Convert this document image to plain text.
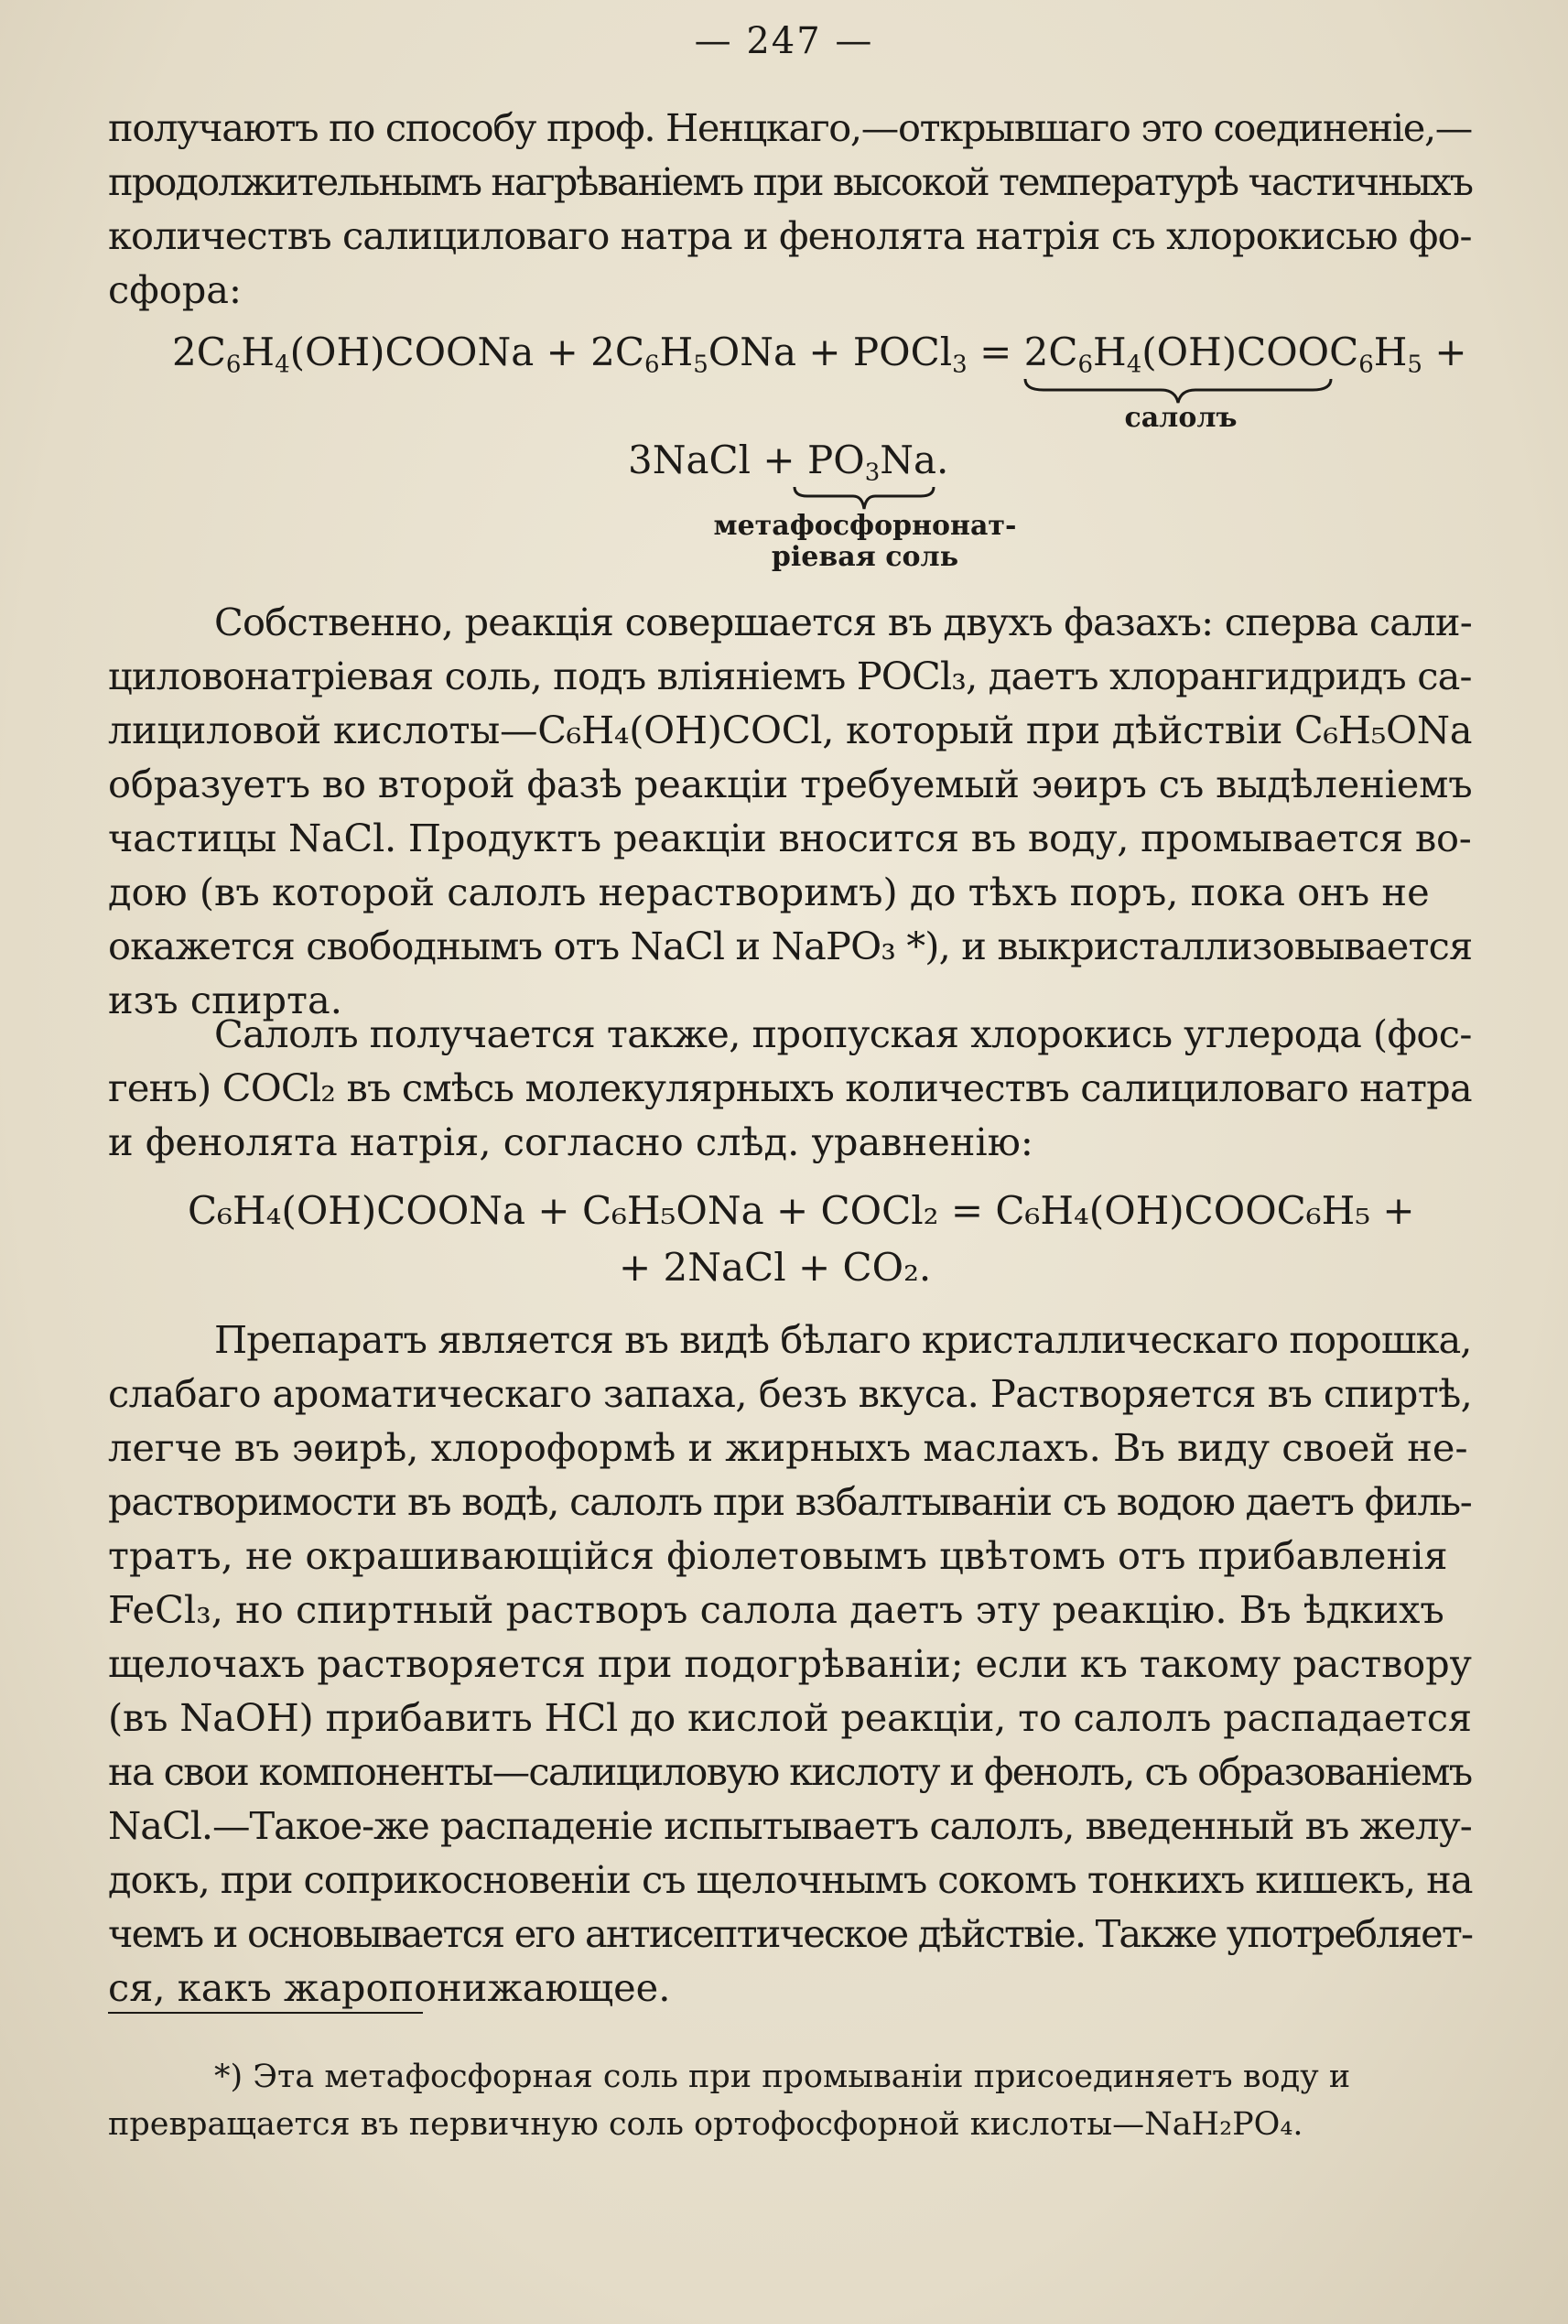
— 247 —
получаютъ по способу проф. Ненцкаго,—открывшаго это соединеніе,—
продолжительнымъ нагрѣваніемъ при высокой температурѣ частичныхъ
количествъ салициловаго натра и фенолята натрія съ хлорокисью фо-
сфора:
$2C_6H_4(OH)COONa + 2C_6H_5ONa$ + POCl$_3$ = $2C_6H_4(OH)COOC_6H_5$ +
салолъ
3NaCl + $PO_3Na$.
метафосфорнонат-
ріевая соль
Собственно, реакція совершается въ двухъ фазахъ: сперва сали-
циловонатріевая соль, подъ вліяніемъ POCl₃, даетъ хлорангидридъ са-
лициловой кислоты—C₆H₄(OH)COCl, который при дѣйствіи C₆H₅ONa
образуетъ во второй фазѣ реакціи требуемый эѳиръ съ выдѣленіемъ
частицы NaCl. Продуктъ реакціи вносится въ воду, промывается во-
дою (въ которой салолъ нерастворимъ) до тѣхъ поръ, пока онъ не
окажется свободнымъ отъ NaCl и NaPO₃ *), и выкристаллизовывается
изъ спирта.
Салолъ получается также, пропуская хлорокись углерода (фос-
генъ) COCl₂ въ смѣсь молекулярныхъ количествъ салициловаго натра
и фенолята натрія, согласно слѣд. уравненію:
C₆H₄(OH)COONa + C₆H₅ONa + COCl₂ = C₆H₄(OH)COOC₆H₅ +
+ 2NaCl + CO₂.
Препаратъ является въ видѣ бѣлаго кристаллическаго порошка,
слабаго ароматическаго запаха, безъ вкуса. Растворяется въ спиртѣ,
легче въ эѳирѣ, хлороформѣ и жирныхъ маслахъ. Въ виду своей не-
растворимости въ водѣ, салолъ при взбалтываніи съ водою даетъ филь-
тратъ, не окрашивающійся фіолетовымъ цвѣтомъ отъ прибавленія
FeCl₃, но спиртный растворъ салола даетъ эту реакцію. Въ ѣдкихъ
щелочахъ растворяется при подогрѣваніи; если къ такому раствору
(въ NaOH) прибавить HCl до кислой реакціи, то салолъ распадается
на свои компоненты—салициловую кислоту и фенолъ, съ образованіемъ
NaCl.—Такое-же распаденіе испытываетъ салолъ, введенный въ желу-
докъ, при соприкосновеніи съ щелочнымъ сокомъ тонкихъ кишекъ, на
чемъ и основывается его антисептическое дѣйствіе. Также употребляет-
ся, какъ жаропонижающее.
*) Эта метафосфорная соль при промываніи присоединяетъ воду и
превращается въ первичную соль ортофосфорной кислоты—NaH₂PO₄.
